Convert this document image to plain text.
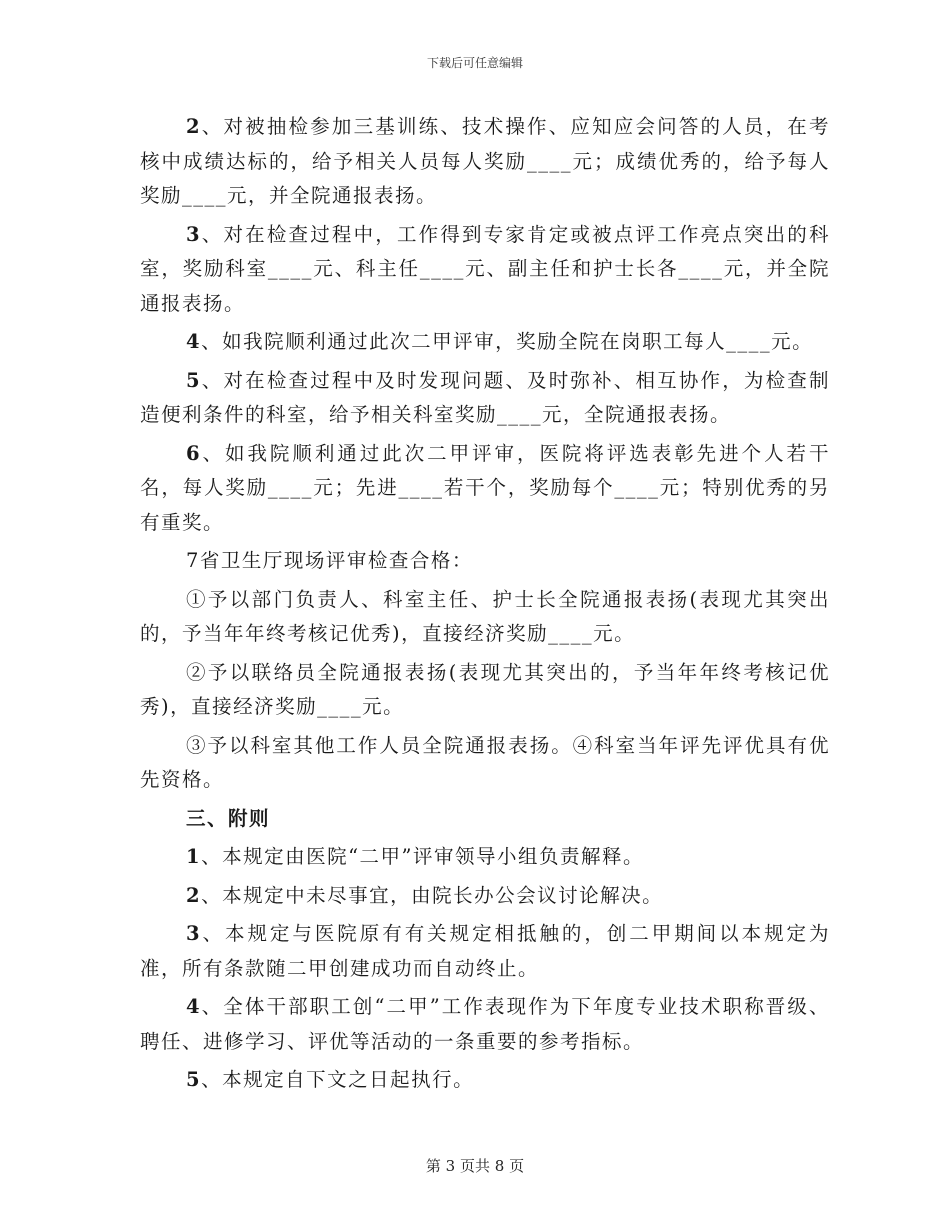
下载后可任意编辑

2、对被抽检参加三基训练、技术操作、应知应会问答的人员，在考核中成绩达标的，给予相关人员每人奖励____元；成绩优秀的，给予每人奖励____元，并全院通报表扬。

3、对在检查过程中，工作得到专家肯定或被点评工作亮点突出的科室，奖励科室____元、科主任____元、副主任和护士长各____元，并全院通报表扬。

4、如我院顺利通过此次二甲评审，奖励全院在岗职工每人____元。

5、对在检查过程中及时发现问题、及时弥补、相互协作，为检查制造便利条件的科室，给予相关科室奖励____元，全院通报表扬。

6、如我院顺利通过此次二甲评审，医院将评选表彰先进个人若干名，每人奖励____元；先进____若干个，奖励每个____元；特别优秀的另有重奖。

7省卫生厅现场评审检查合格：

①予以部门负责人、科室主任、护士长全院通报表扬(表现尤其突出的，予当年年终考核记优秀)，直接经济奖励____元。

②予以联络员全院通报表扬(表现尤其突出的，予当年年终考核记优秀)，直接经济奖励____元。

③予以科室其他工作人员全院通报表扬。④科室当年评先评优具有优先资格。

三、附则

1、本规定由医院“二甲”评审领导小组负责解释。

2、本规定中未尽事宜，由院长办公会议讨论解决。

3、本规定与医院原有有关规定相抵触的，创二甲期间以本规定为准，所有条款随二甲创建成功而自动终止。

4、全体干部职工创“二甲”工作表现作为下年度专业技术职称晋级、聘任、进修学习、评优等活动的一条重要的参考指标。

5、本规定自下文之日起执行。

第 3 页共 8 页
